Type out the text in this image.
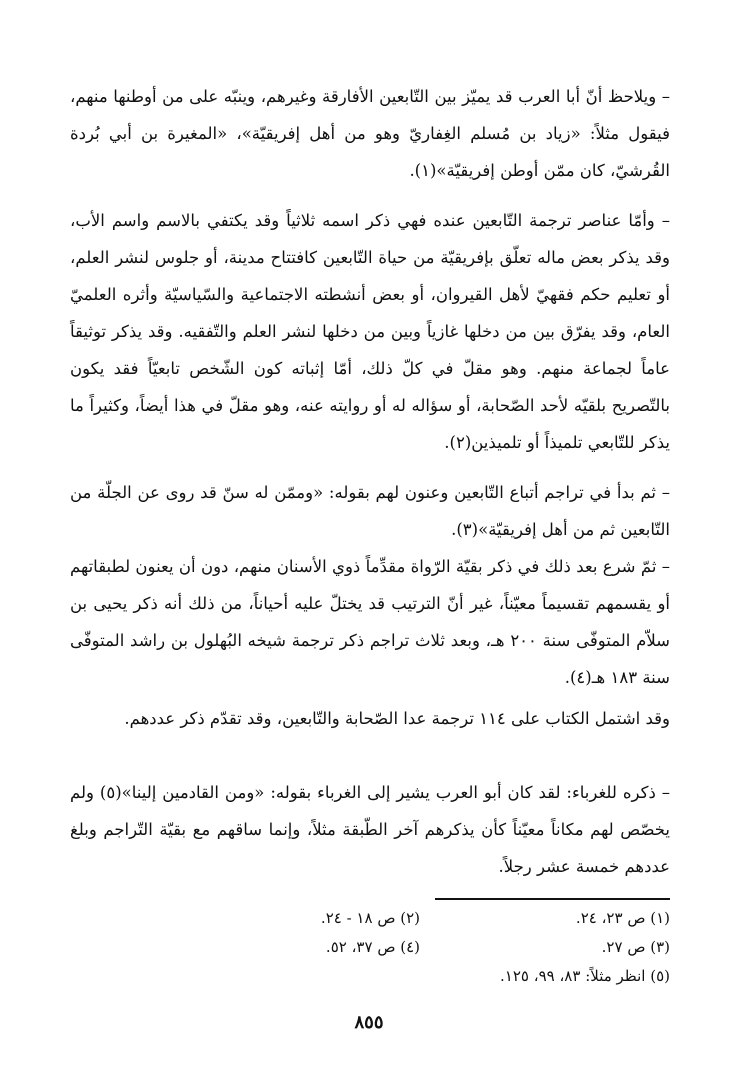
– ويلاحظ أنّ أبا العرب قد يميّز بين التّابعين الأفارقة وغيرهم، وينبّه على من أوطنها منهم، فيقول مثلاً: «زياد بن مُسلم الغِفاريّ وهو من أهل إفريقيّة»، «المغيرة بن أبي بُردة القُرشيّ، كان ممّن أوطن إفريقيّة»(١).

– وأمّا عناصر ترجمة التّابعين عنده فهي ذكر اسمه ثلاثياً وقد يكتفي بالاسم واسم الأب، وقد يذكر بعض ماله تعلّق بإفريقيّة من حياة التّابعين كافتتاح مدينة، أو جلوس لنشر العلم، أو تعليم حكم فقهيّ لأهل القيروان، أو بعض أنشطته الاجتماعية والسّياسيّة وأثره العلميّ العام، وقد يفرّق بين من دخلها غازياً وبين من دخلها لنشر العلم والتّفقيه. وقد يذكر توثيقاً عاماً لجماعة منهم. وهو مقلّ في كلّ ذلك، أمّا إثباته كون الشّخص تابعيّاً فقد يكون بالتّصريح بلقيّه لأحد الصّحابة، أو سؤاله له أو روايته عنه، وهو مقلّ في هذا أيضاً، وكثيراً ما يذكر للتّابعي تلميذاً أو تلميذين(٢).

– ثم بدأ في تراجم أتباع التّابعين وعنون لهم بقوله: «وممّن له سنّ قد روى عن الجلّة من التّابعين ثم من أهل إفريقيّة»(٣).

– ثمّ شرع بعد ذلك في ذكر بقيّة الرّواة مقدِّماً ذوي الأسنان منهم، دون أن يعنون لطبقاتهم أو يقسمهم تقسيماً معيّناً، غير أنّ الترتيب قد يختلّ عليه أحياناً، من ذلك أنه ذكر يحيى بن سلاّم المتوفّى سنة ٢٠٠ هـ، وبعد ثلاث تراجم ذكر ترجمة شيخه البُهلول بن راشد المتوفّى سنة ١٨٣ هـ(٤).

وقد اشتمل الكتاب على ١١٤ ترجمة عدا الصّحابة والتّابعين، وقد تقدّم ذكر عددهم.

– ذكره للغرباء: لقد كان أبو العرب يشير إلى الغرباء بقوله: «ومن القادمين إلينا»(٥) ولم يخصّص لهم مكاناً معيّناً كأن يذكرهم آخر الطّبقة مثلاً، وإنما ساقهم مع بقيّة التّراجم وبلغ عددهم خمسة عشر رجلاً.

(١) ص ٢٣، ٢٤.
(٢) ص ١٨ - ٢٤.
(٣) ص ٢٧.
(٤) ص ٣٧، ٥٢.
(٥) انظر مثلاً: ٨٣، ٩٩، ١٢٥.
٨٥٥
